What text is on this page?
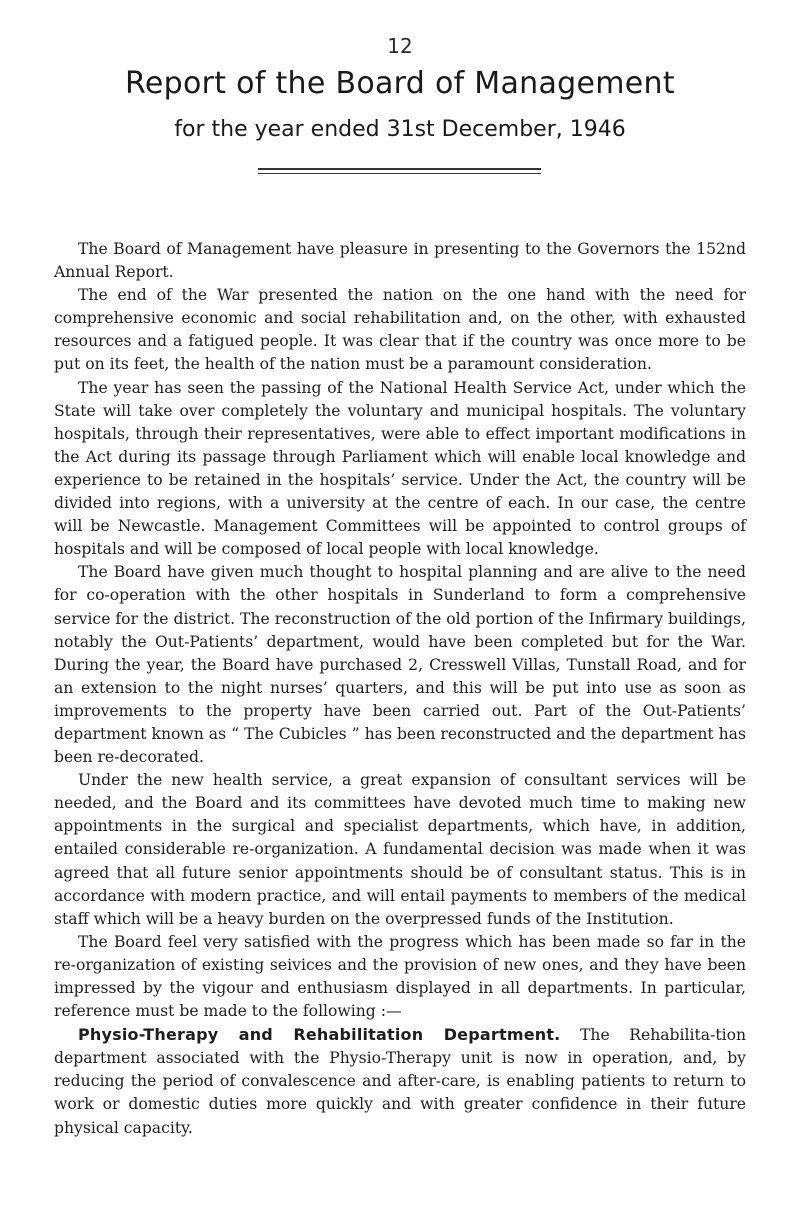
12
Report of the Board of Management
for the year ended 31st December, 1946

The Board of Management have pleasure in presenting to the Governors the 152nd Annual Report.

The end of the War presented the nation on the one hand with the need for comprehensive economic and social rehabilitation and, on the other, with exhausted resources and a fatigued people. It was clear that if the country was once more to be put on its feet, the health of the nation must be a paramount consideration.

The year has seen the passing of the National Health Service Act, under which the State will take over completely the voluntary and municipal hospitals. The voluntary hospitals, through their representatives, were able to effect important modifications in the Act during its passage through Parliament which will enable local knowledge and experience to be retained in the hospitals’ service. Under the Act, the country will be divided into regions, with a university at the centre of each. In our case, the centre will be Newcastle. Management Committees will be appointed to control groups of hospitals and will be composed of local people with local knowledge.

The Board have given much thought to hospital planning and are alive to the need for co-operation with the other hospitals in Sunderland to form a comprehensive service for the district. The reconstruction of the old portion of the Infirmary buildings, notably the Out-Patients’ department, would have been completed but for the War. During the year, the Board have purchased 2, Cresswell Villas, Tunstall Road, and for an extension to the night nurses’ quarters, and this will be put into use as soon as improvements to the property have been carried out. Part of the Out-Patients’ department known as “ The Cubicles ” has been reconstructed and the department has been re-decorated.

Under the new health service, a great expansion of consultant services will be needed, and the Board and its committees have devoted much time to making new appointments in the surgical and specialist departments, which have, in addition, entailed considerable re-organization. A fundamental decision was made when it was agreed that all future senior appointments should be of consultant status. This is in accordance with modern practice, and will entail payments to members of the medical staff which will be a heavy burden on the overpressed funds of the Institution.

The Board feel very satisfied with the progress which has been made so far in the re-organization of existing seivices and the provision of new ones, and they have been impressed by the vigour and enthusiasm displayed in all departments. In particular, reference must be made to the following :—

Physio-Therapy and Rehabilitation Department. The Rehabilita-tion department associated with the Physio-Therapy unit is now in operation, and, by reducing the period of convalescence and after-care, is enabling patients to return to work or domestic duties more quickly and with greater confidence in their future physical capacity.
